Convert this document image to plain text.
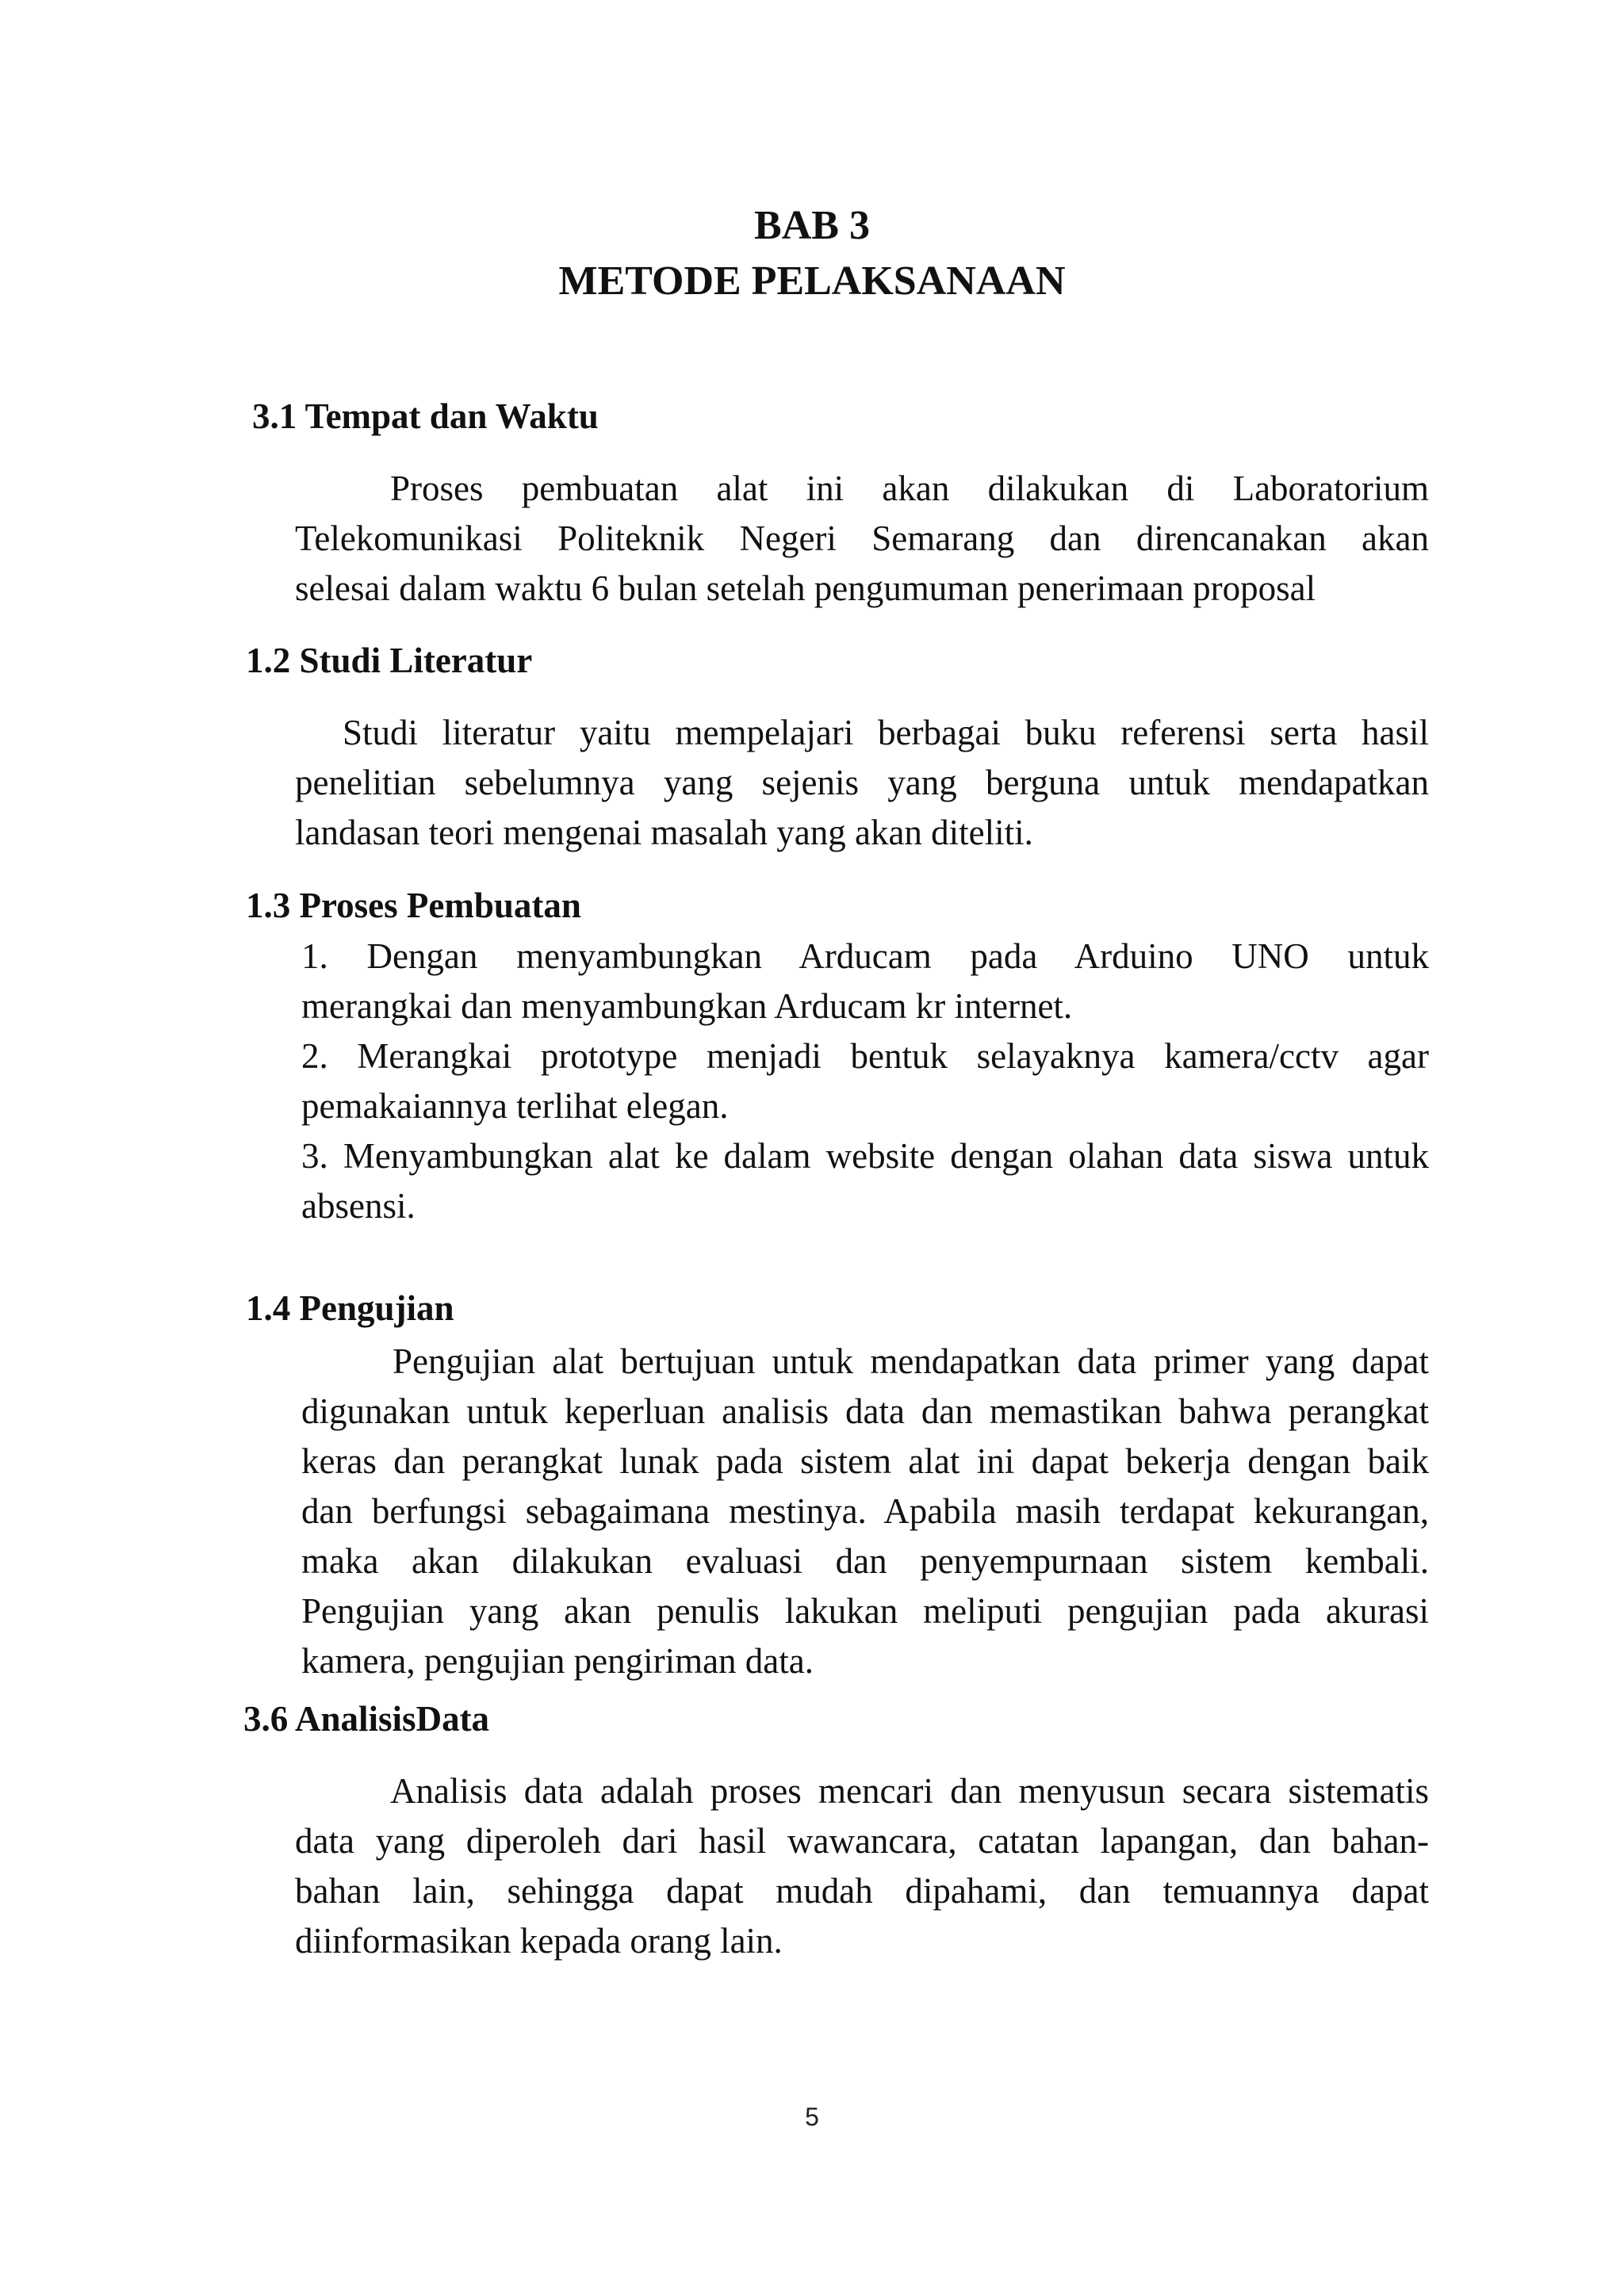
BAB 3
METODE PELAKSANAAN
3.1 Tempat dan Waktu
Proses pembuatan alat ini akan dilakukan di Laboratorium
Telekomunikasi Politeknik Negeri Semarang dan direncanakan akan
selesai dalam waktu 6 bulan setelah pengumuman penerimaan proposal
1.2 Studi Literatur
Studi literatur yaitu mempelajari berbagai buku referensi serta hasil
penelitian sebelumnya yang sejenis yang berguna untuk mendapatkan
landasan teori mengenai masalah yang akan diteliti.
1.3 Proses Pembuatan
1. Dengan menyambungkan Arducam pada Arduino UNO untuk
merangkai dan menyambungkan Arducam kr internet.
2. Merangkai prototype menjadi bentuk selayaknya kamera/cctv agar
pemakaiannya terlihat elegan.
3. Menyambungkan alat ke dalam website dengan olahan data siswa untuk
absensi.
1.4 Pengujian
Pengujian alat bertujuan untuk mendapatkan data primer yang dapat
digunakan untuk keperluan analisis data dan memastikan bahwa perangkat
keras dan perangkat lunak pada sistem alat ini dapat bekerja dengan baik
dan berfungsi sebagaimana mestinya. Apabila masih terdapat kekurangan,
maka akan dilakukan evaluasi dan penyempurnaan sistem kembali.
Pengujian yang akan penulis lakukan meliputi pengujian pada akurasi
kamera, pengujian pengiriman data.
3.6 AnalisisData
Analisis data adalah proses mencari dan menyusun secara sistematis
data yang diperoleh dari hasil wawancara, catatan lapangan, dan bahan-
bahan lain, sehingga dapat mudah dipahami, dan temuannya dapat
diinformasikan kepada orang lain.
5
